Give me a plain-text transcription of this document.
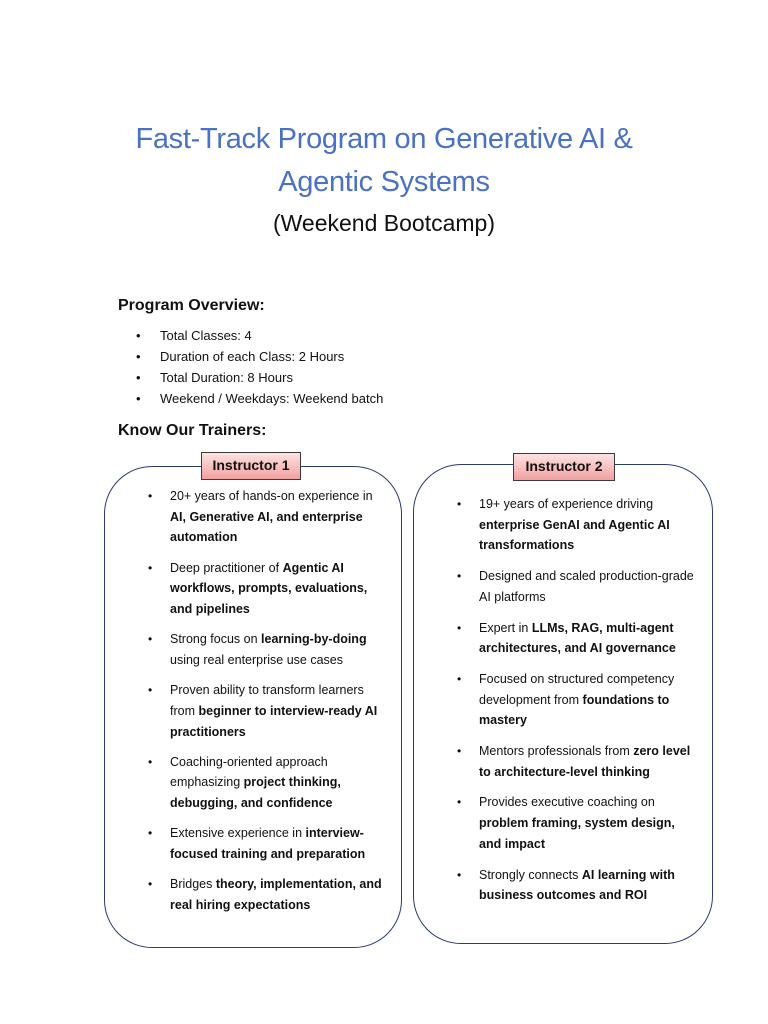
Fast-Track Program on Generative AI &
Agentic Systems
(Weekend Bootcamp)
Program Overview:
• Total Classes: 4
• Duration of each Class: 2 Hours
• Total Duration: 8 Hours
• Weekend / Weekdays: Weekend batch
Know Our Trainers:
Instructor 1	Instructor 2
• 20+ years of hands-on experience in AI, Generative AI, and enterprise automation
• Deep practitioner of Agentic AI workflows, prompts, evaluations, and pipelines
• Strong focus on learning-by-doing using real enterprise use cases
• Proven ability to transform learners from beginner to interview-ready AI practitioners
• Coaching-oriented approach emphasizing project thinking, debugging, and confidence
• Extensive experience in interview-focused training and preparation
• Bridges theory, implementation, and real hiring expectations
• 19+ years of experience driving enterprise GenAI and Agentic AI transformations
• Designed and scaled production-grade AI platforms
• Expert in LLMs, RAG, multi-agent architectures, and AI governance
• Focused on structured competency development from foundations to mastery
• Mentors professionals from zero level to architecture-level thinking
• Provides executive coaching on problem framing, system design, and impact
• Strongly connects AI learning with business outcomes and ROI
